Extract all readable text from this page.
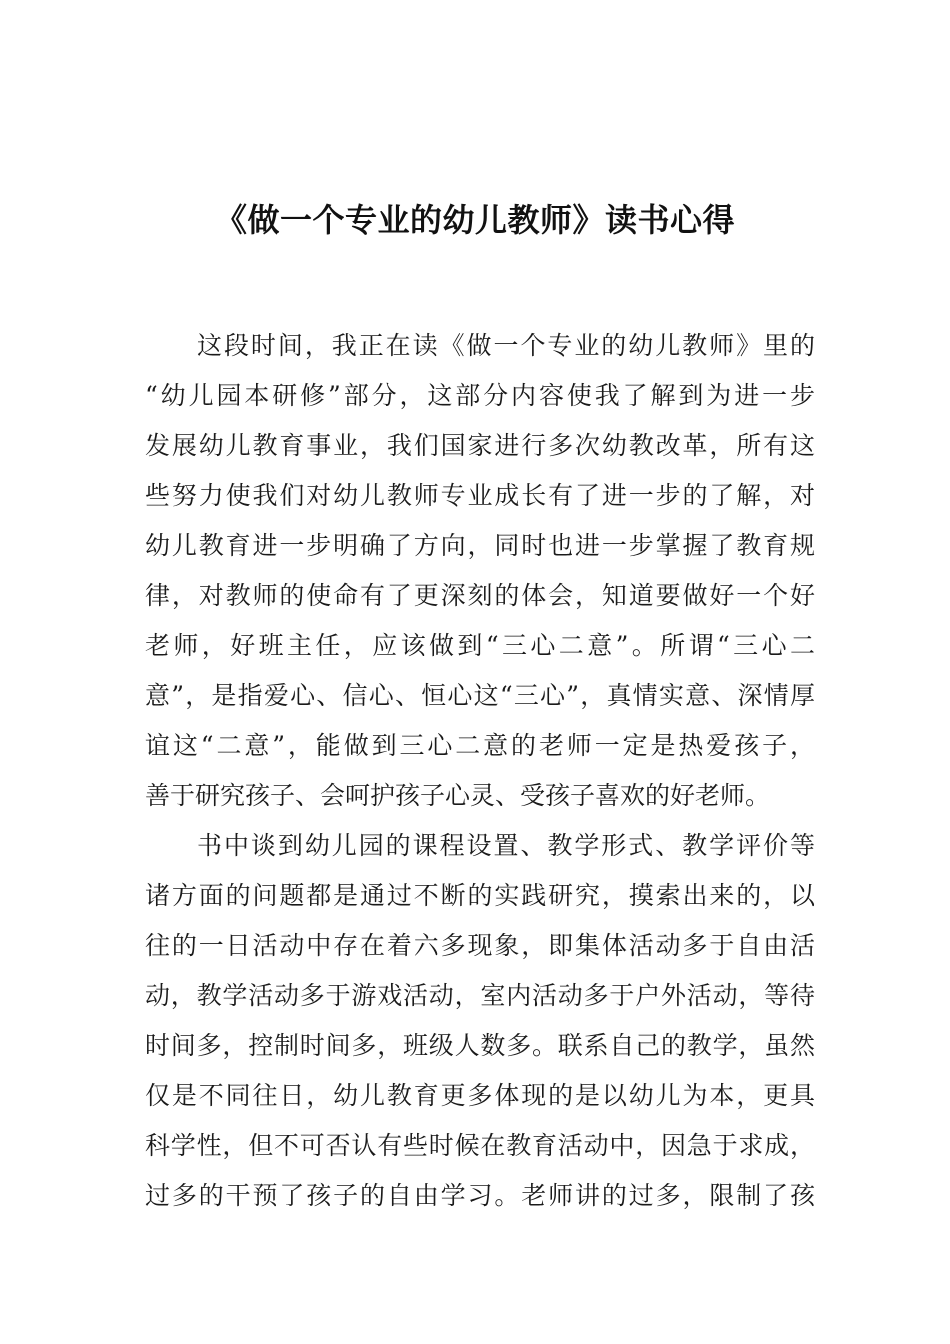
《做一个专业的幼儿教师》读书心得
这段时间，我正在读《做一个专业的幼儿教师》里的
“幼儿园本研修”部分，这部分内容使我了解到为进一步
发展幼儿教育事业，我们国家进行多次幼教改革，所有这
些努力使我们对幼儿教师专业成长有了进一步的了解，对
幼儿教育进一步明确了方向，同时也进一步掌握了教育规
律，对教师的使命有了更深刻的体会，知道要做好一个好
老师，好班主任，应该做到“三心二意”。所谓“三心二
意”，是指爱心、信心、恒心这“三心”，真情实意、深情厚
谊这“二意”，能做到三心二意的老师一定是热爱孩子，
善于研究孩子、会呵护孩子心灵、受孩子喜欢的好老师。
书中谈到幼儿园的课程设置、教学形式、教学评价等
诸方面的问题都是通过不断的实践研究，摸索出来的，以
往的一日活动中存在着六多现象，即集体活动多于自由活
动，教学活动多于游戏活动，室内活动多于户外活动，等待
时间多，控制时间多，班级人数多。联系自己的教学，虽然
仅是不同往日，幼儿教育更多体现的是以幼儿为本，更具
科学性，但不可否认有些时候在教育活动中，因急于求成，
过多的干预了孩子的自由学习。老师讲的过多，限制了孩
